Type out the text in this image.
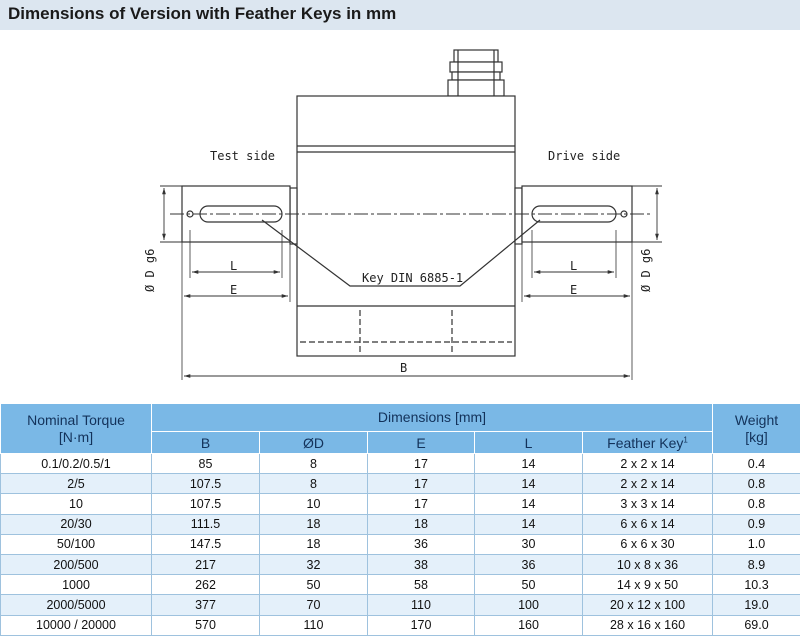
Dimensions of Version with Feather Keys in mm
Test side	Drive side
Key DIN 6885-1
L	L
E	E
B
Ø D g6	Ø D g6
Nominal Torque
[N·m]	Dimensions [mm]					Weight
[kg]
	B	ØD	E	L	Feather Key$^1$
0.1/0.2/0.5/1	85	8	17	14	2 x 2 x 14	0.4
2/5	107.5	8	17	14	2 x 2 x 14	0.8
10	107.5	10	17	14	3 x 3 x 14	0.8
20/30	111.5	18	18	14	6 x 6 x 14	0.9
50/100	147.5	18	36	30	6 x 6 x 30	1.0
200/500	217	32	38	36	10 x 8 x 36	8.9
1000	262	50	58	50	14 x 9 x 50	10.3
2000/5000	377	70	110	100	20 x 12 x 100	19.0
10000 / 20000	570	110	170	160	28 x 16 x 160	69.0
